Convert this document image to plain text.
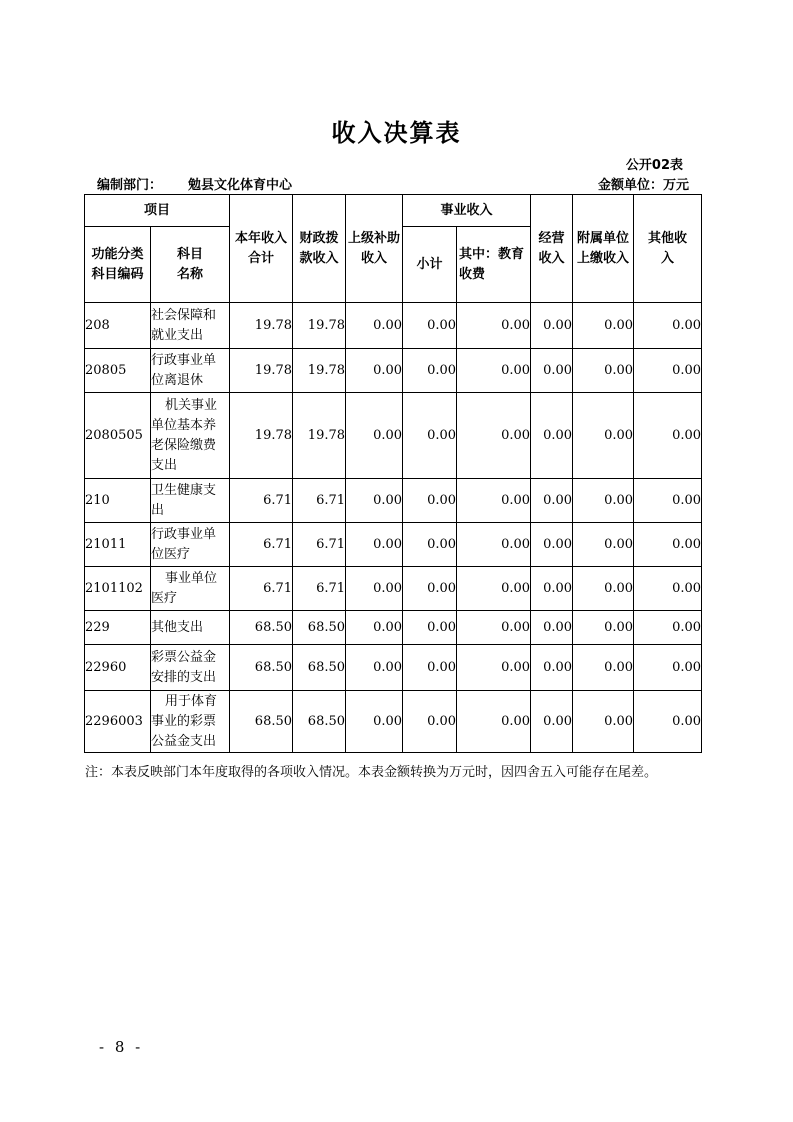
收入决算表
公开02表
编制部门： 勉县文化体育中心	金额单位：万元
项目		本年收入合计	财政拨款收入	上级补助收入	事业收入		经营收入	附属单位上缴收入	其他收入

功能分类科目编码	科目名称				小计	其中：教育收费			

208	社会保障和就业支出	19.78	19.78	0.00	0.00	0.00	0.00	0.00	0.00
20805	行政事业单位离退休	19.78	19.78	0.00	0.00	0.00	0.00	0.00	0.00
2080505	机关事业单位基本养老保险缴费支出	19.78	19.78	0.00	0.00	0.00	0.00	0.00	0.00
210	卫生健康支出	6.71	6.71	0.00	0.00	0.00	0.00	0.00	0.00
21011	行政事业单位医疗	6.71	6.71	0.00	0.00	0.00	0.00	0.00	0.00
2101102	事业单位医疗	6.71	6.71	0.00	0.00	0.00	0.00	0.00	0.00
229	其他支出	68.50	68.50	0.00	0.00	0.00	0.00	0.00	0.00
22960	彩票公益金安排的支出	68.50	68.50	0.00	0.00	0.00	0.00	0.00	0.00
2296003	用于体育事业的彩票公益金支出	68.50	68.50	0.00	0.00	0.00	0.00	0.00	0.00
注：本表反映部门本年度取得的各项收入情况。本表金额转换为万元时，因四舍五入可能存在尾差。
- 8 -
